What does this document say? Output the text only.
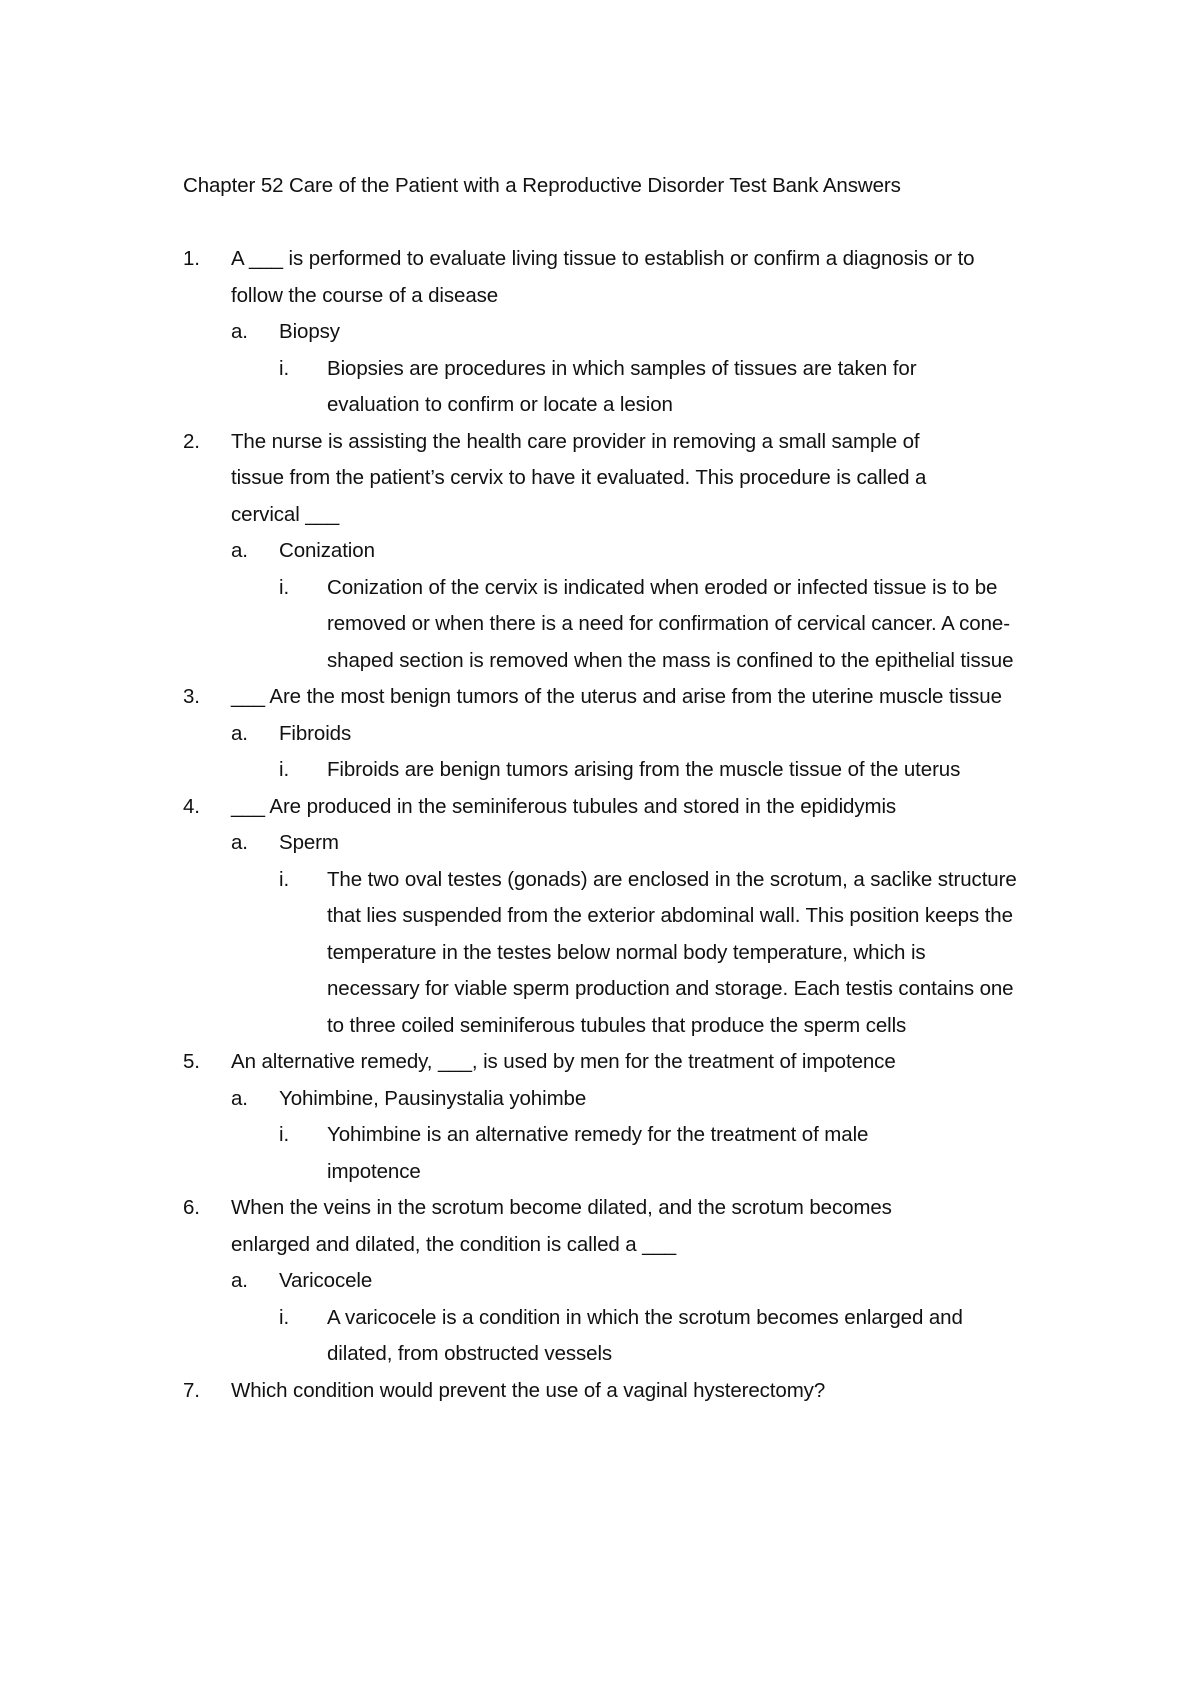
Chapter 52 Care of the Patient with a Reproductive Disorder Test Bank Answers
1. A ___ is performed to evaluate living tissue to establish or confirm a diagnosis or to follow the course of a disease
a. Biopsy
i. Biopsies are procedures in which samples of tissues are taken for evaluation to confirm or locate a lesion
2. The nurse is assisting the health care provider in removing a small sample of tissue from the patient’s cervix to have it evaluated. This procedure is called a cervical ___
a. Conization
i. Conization of the cervix is indicated when eroded or infected tissue is to be removed or when there is a need for confirmation of cervical cancer. A cone-shaped section is removed when the mass is confined to the epithelial tissue
3. ___ Are the most benign tumors of the uterus and arise from the uterine muscle tissue
a. Fibroids
i. Fibroids are benign tumors arising from the muscle tissue of the uterus
4. ___ Are produced in the seminiferous tubules and stored in the epididymis
a. Sperm
i. The two oval testes (gonads) are enclosed in the scrotum, a saclike structure that lies suspended from the exterior abdominal wall. This position keeps the temperature in the testes below normal body temperature, which is necessary for viable sperm production and storage. Each testis contains one to three coiled seminiferous tubules that produce the sperm cells
5. An alternative remedy, ___, is used by men for the treatment of impotence
a. Yohimbine, Pausinystalia yohimbe
i. Yohimbine is an alternative remedy for the treatment of male impotence
6. When the veins in the scrotum become dilated, and the scrotum becomes enlarged and dilated, the condition is called a ___
a. Varicocele
i. A varicocele is a condition in which the scrotum becomes enlarged and dilated, from obstructed vessels
7. Which condition would prevent the use of a vaginal hysterectomy?
